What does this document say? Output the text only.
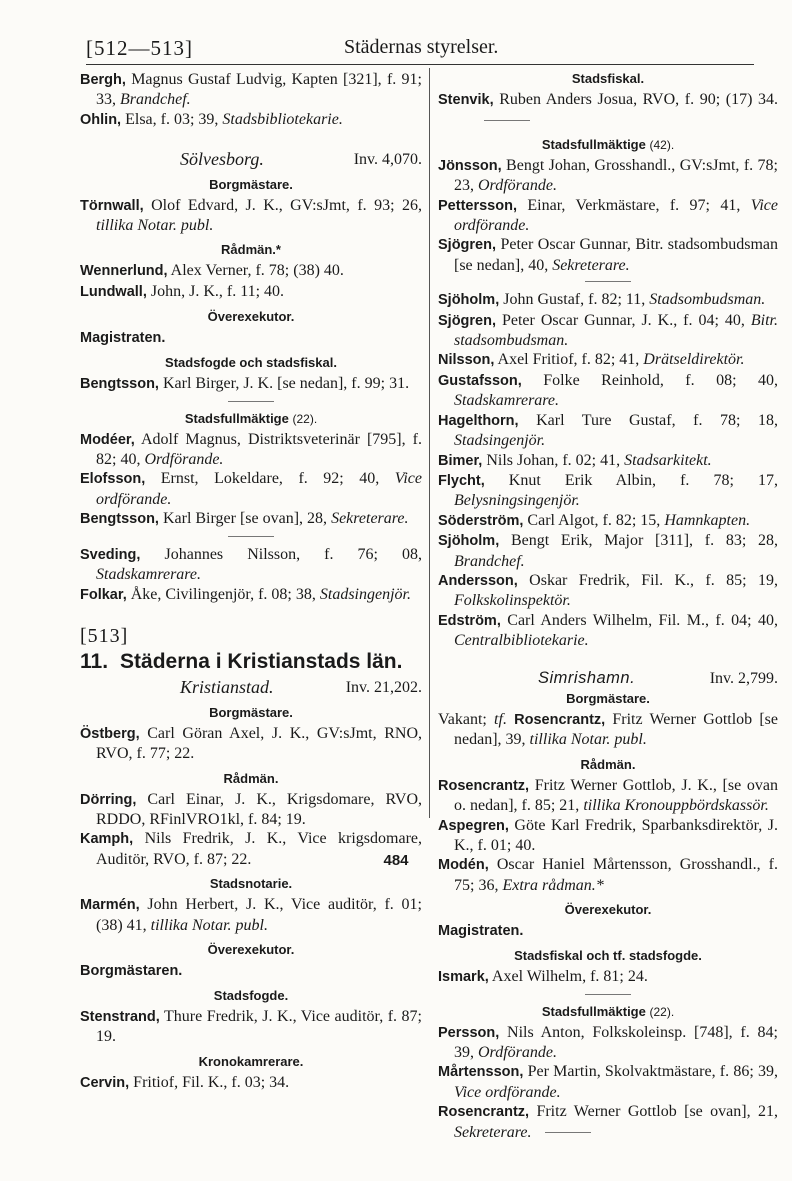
[512—513]	Städernas styrelser.
Bergh, Magnus Gustaf Ludvig, Kapten [321], f. 91; 33, Brandchef.
Ohlin, Elsa, f. 03; 39, Stadsbibliotekarie.
Sölvesborg.	Inv. 4,070.
Borgmästare.
Törnwall, Olof Edvard, J. K., GV:sJmt, f. 93; 26, tillika Notar. publ.
Rådmän.*
Wennerlund, Alex Verner, f. 78; (38) 40.
Lundwall, John, J. K., f. 11; 40.
Överexekutor.
Magistraten.
Stadsfogde och stadsfiskal.
Bengtsson, Karl Birger, J. K. [se nedan], f. 99; 31.
Stadsfullmäktige (22).
Modéer, Adolf Magnus, Distriktsveterinär [795], f. 82; 40, Ordförande.
Elofsson, Ernst, Lokeldare, f. 92; 40, Vice ordförande.
Bengtsson, Karl Birger [se ovan], 28, Sekreterare.
Sveding, Johannes Nilsson, f. 76; 08, Stadskamrerare.
Folkar, Åke, Civilingenjör, f. 08; 38, Stadsingenjör.
[513]
11. Städerna i Kristianstads län.
Kristianstad.	Inv. 21,202.
Borgmästare.
Östberg, Carl Göran Axel, J. K., GV:sJmt, RNO, RVO, f. 77; 22.
Rådmän.
Dörring, Carl Einar, J. K., Krigsdomare, RVO, RDDO, RFinlVRO1kl, f. 84; 19.
Kamph, Nils Fredrik, J. K., Vice krigsdomare, Auditör, RVO, f. 87; 22.
Stadsnotarie.
Marmén, John Herbert, J. K., Vice auditör, f. 01; (38) 41, tillika Notar. publ.
Överexekutor.
Borgmästaren.
Stadsfogde.
Stenstrand, Thure Fredrik, J. K., Vice auditör, f. 87; 19.
Kronokamrerare.
Cervin, Fritiof, Fil. K., f. 03; 34.
Stadsfiskal.
Stenvik, Ruben Anders Josua, RVO, f. 90; (17) 34.
Stadsfullmäktige (42).
Jönsson, Bengt Johan, Grosshandl., GV:sJmt, f. 78; 23, Ordförande.
Pettersson, Einar, Verkmästare, f. 97; 41, Vice ordförande.
Sjögren, Peter Oscar Gunnar, Bitr. stadsombudsman [se nedan], 40, Sekreterare.
Sjöholm, John Gustaf, f. 82; 11, Stadsombudsman.
Sjögren, Peter Oscar Gunnar, J. K., f. 04; 40, Bitr. stadsombudsman.
Nilsson, Axel Fritiof, f. 82; 41, Drätseldirektör.
Gustafsson, Folke Reinhold, f. 08; 40, Stadskamrerare.
Hagelthorn, Karl Ture Gustaf, f. 78; 18, Stadsingenjör.
Bimer, Nils Johan, f. 02; 41, Stadsarkitekt.
Flycht, Knut Erik Albin, f. 78; 17, Belysningsingenjör.
Söderström, Carl Algot, f. 82; 15, Hamnkapten.
Sjöholm, Bengt Erik, Major [311], f. 83; 28, Brandchef.
Andersson, Oskar Fredrik, Fil. K., f. 85; 19, Folkskolinspektör.
Edström, Carl Anders Wilhelm, Fil. M., f. 04; 40, Centralbibliotekarie.
Simrishamn.	Inv. 2,799.
Borgmästare.
Vakant; tf. Rosencrantz, Fritz Werner Gottlob [se nedan], 39, tillika Notar. publ.
Rådmän.
Rosencrantz, Fritz Werner Gottlob, J. K., [se ovan o. nedan], f. 85; 21, tillika Kronouppbördskassör.
Aspegren, Göte Karl Fredrik, Sparbanksdirektör, J. K., f. 01; 40.
Modén, Oscar Haniel Mårtensson, Grosshandl., f. 75; 36, Extra rådman.*
Överexekutor.
Magistraten.
Stadsfiskal och tf. stadsfogde.
Ismark, Axel Wilhelm, f. 81; 24.
Stadsfullmäktige (22).
Persson, Nils Anton, Folkskoleinsp. [748], f. 84; 39, Ordförande.
Mårtensson, Per Martin, Skolvaktmästare, f. 86; 39, Vice ordförande.
Rosencrantz, Fritz Werner Gottlob [se ovan], 21, Sekreterare.
484
